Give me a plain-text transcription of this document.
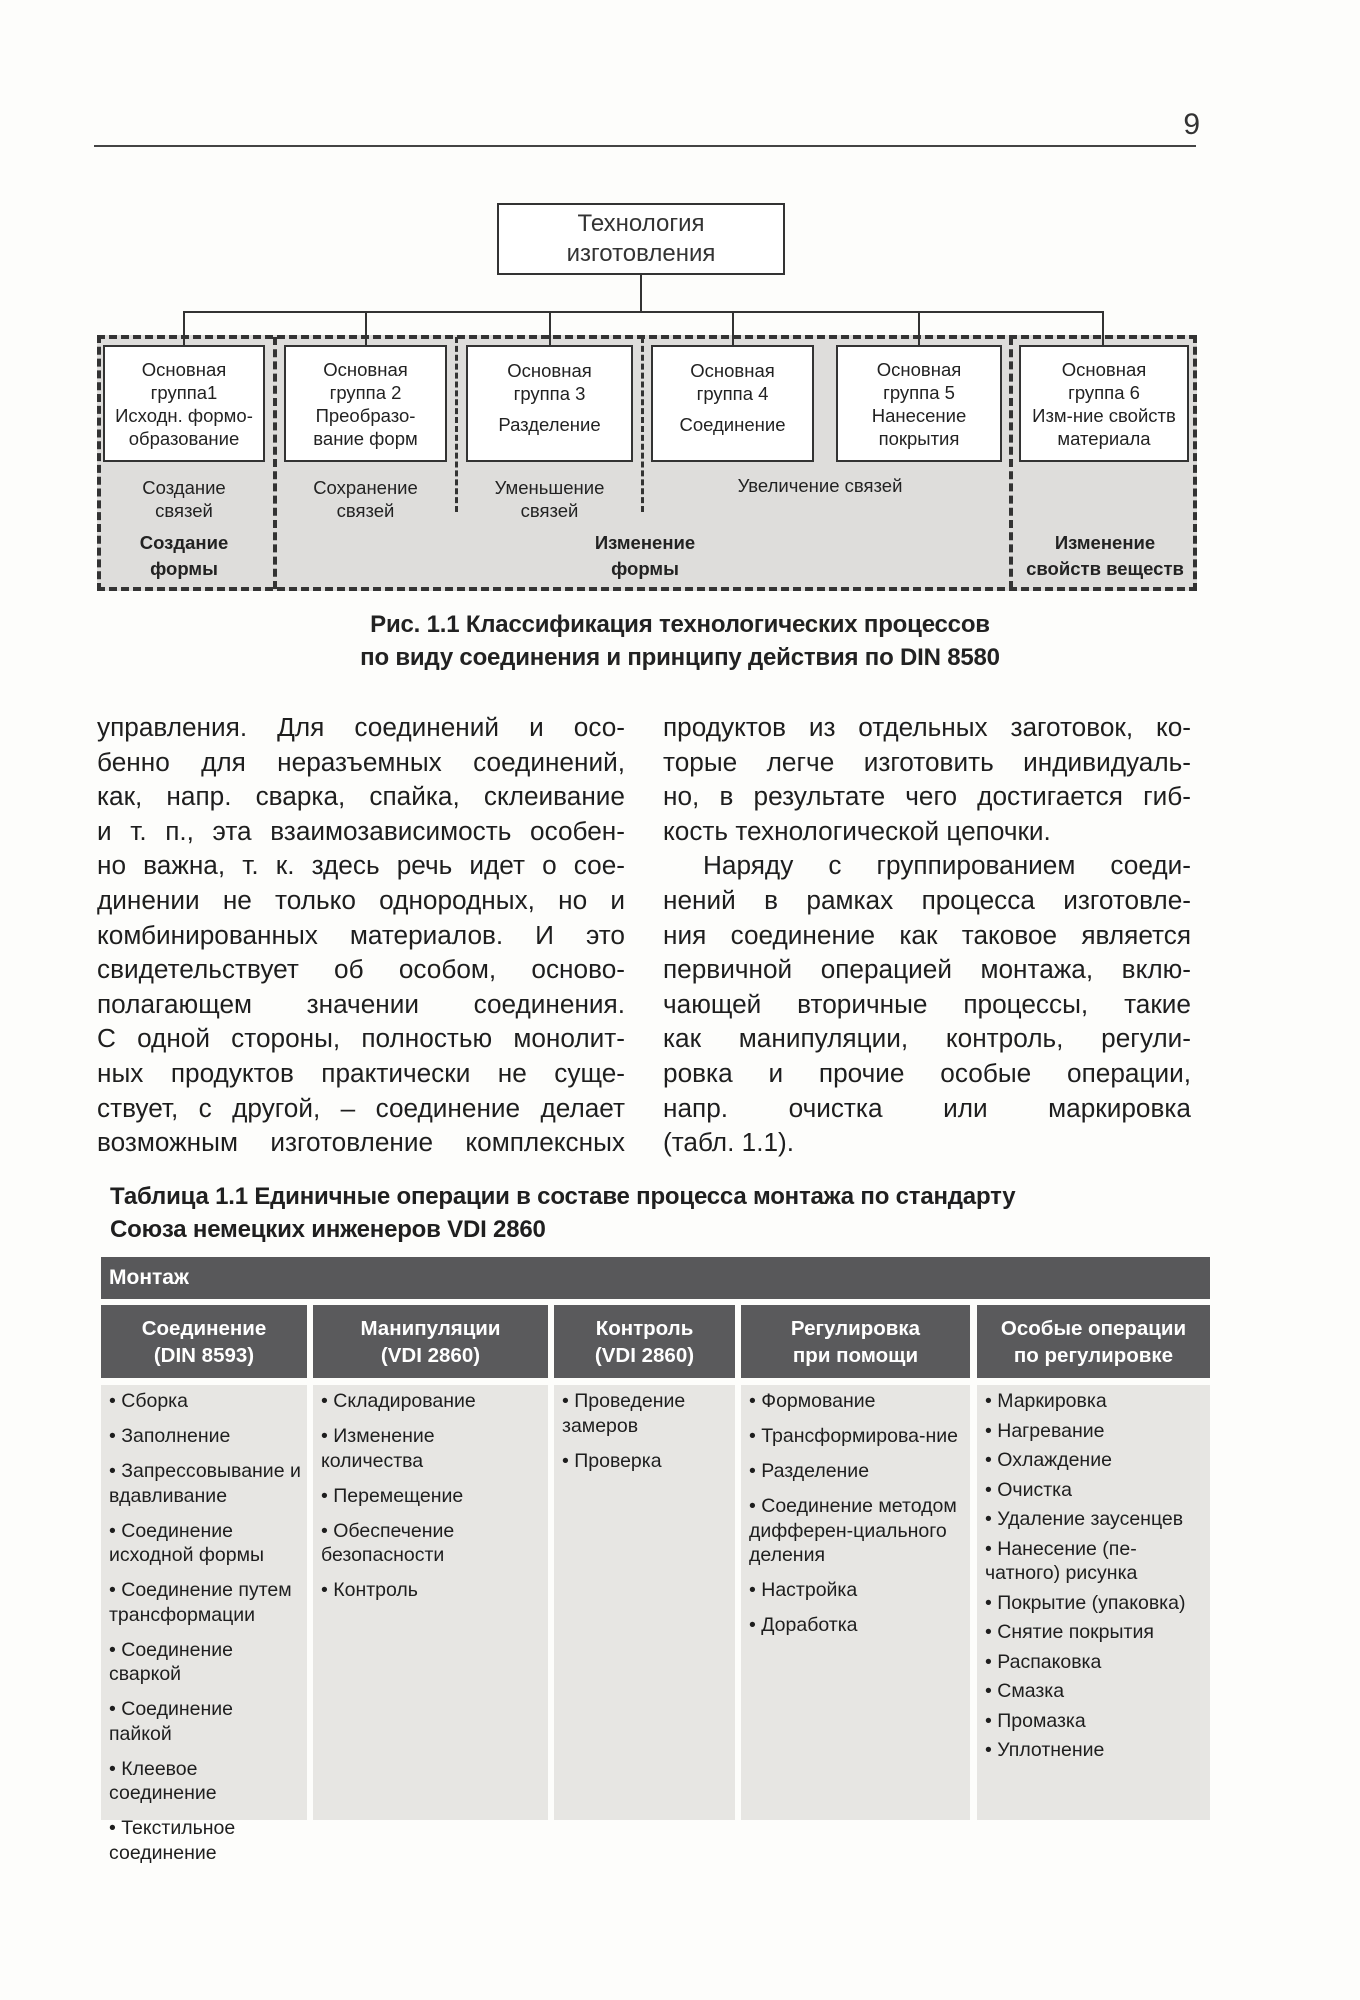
9
Технология
изготовления
Основная
группа1
Исходн. формо-
образование
Основная
группа 2
Преобразо-
вание форм
Основная
группа 3
Разделение
Основная
группа 4
Соединение
Основная
группа 5
Нанесение
покрытия
Основная
группа 6
Изм-ние свойств
материала
Создание
связей
Сохранение
связей
Уменьшение
связей
Увеличение связей
Создание
формы
Изменение
формы
Изменение
свойств веществ
Рис. 1.1 Классификация технологических процессов
по виду соединения и принципу действия по DIN 8580
управления. Для соединений и осо-
бенно для неразъемных соединений,
как, напр. сварка, спайка, склеивание
и т. п., эта взаимозависимость особен-
но важна, т. к. здесь речь идет о сое-
динении не только однородных, но и
комбинированных материалов. И это
свидетельствует об особом, осново-
полагающем значении соединения.
С одной стороны, полностью монолит-
ных продуктов практически не суще-
ствует, с другой, – соединение делает
возможным изготовление комплексных
продуктов из отдельных заготовок, ко-
торые легче изготовить индивидуаль-
но, в результате чего достигается гиб-
кость технологической цепочки.
Наряду с группированием соеди-
нений в рамках процесса изготовле-
ния соединение как таковое является
первичной операцией монтажа, вклю-
чающей вторичные процессы, такие
как манипуляции, контроль, регули-
ровка и прочие особые операции,
напр. очистка или маркировка
(табл. 1.1).
Таблица 1.1 Единичные операции в составе процесса монтажа по стандарту
Союза немецких инженеров VDI 2860
Монтаж
Соединение
(DIN 8593)
Манипуляции
(VDI 2860)
Контроль
(VDI 2860)
Регулировка
при помощи
Особые операции
по регулировке
• Сборка
• Заполнение
• Запрессовывание и вдавливание
• Соединение исходной формы
• Соединение путем трансформации
• Соединение сваркой
• Соединение пайкой
• Клеевое соединение
• Текстильное соединение
• Складирование
• Изменение количества
• Перемещение
• Обеспечение безопасности
• Контроль
• Проведение замеров
• Проверка
• Формование
• Трансформирова-ние
• Разделение
• Соединение методом дифферен-циального деления
• Настройка
• Доработка
• Маркировка
• Нагревание
• Охлаждение
• Очистка
• Удаление заусенцев
• Нанесение (пе-чатного) рисунка
• Покрытие (упаковка)
• Снятие покрытия
• Распаковка
• Смазка
• Промазка
• Уплотнение
